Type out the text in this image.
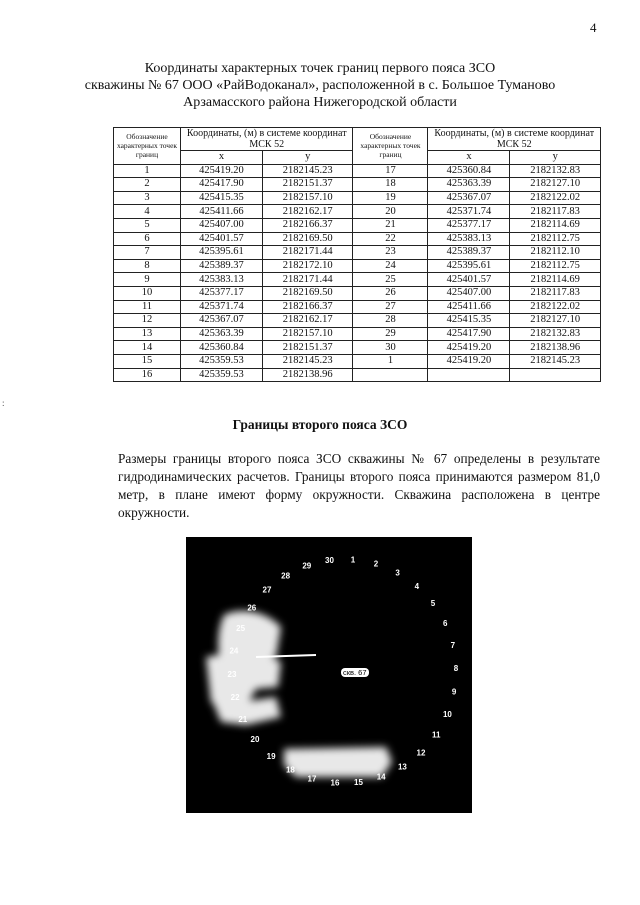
4
Координаты характерных точек границ первого пояса ЗСО
скважины № 67 ООО «РайВодоканал», расположенной в с. Большое Туманово
Арзамасского района Нижегородской области
Обозначение характерных точек границ	Координаты, (м) в системе координат МСК 52		Обозначение характерных точек границ	Координаты, (м) в системе координат МСК 52	
	x	y		x	y
1	425419.20	2182145.23	17	425360.84	2182132.83
2	425417.90	2182151.37	18	425363.39	2182127.10
3	425415.35	2182157.10	19	425367.07	2182122.02
4	425411.66	2182162.17	20	425371.74	2182117.83
5	425407.00	2182166.37	21	425377.17	2182114.69
6	425401.57	2182169.50	22	425383.13	2182112.75
7	425395.61	2182171.44	23	425389.37	2182112.10
8	425389.37	2182172.10	24	425395.61	2182112.75
9	425383.13	2182171.44	25	425401.57	2182114.69
10	425377.17	2182169.50	26	425407.00	2182117.83
11	425371.74	2182166.37	27	425411.66	2182122.02
12	425367.07	2182162.17	28	425415.35	2182127.10
13	425363.39	2182157.10	29	425417.90	2182132.83
14	425360.84	2182151.37	30	425419.20	2182138.96
15	425359.53	2182145.23	1	425419.20	2182145.23
16	425359.53	2182138.96			
Границы второго пояса ЗСО
Размеры границы второго пояса ЗСО скважины № 67 определены в результате гидродинамических расчетов. Границы второго пояса принимаются размером 81,0 метр, в плане имеют форму окружности. Скважина расположена в центре окружности.
1 2
3
4
5
6
7
8
9
10
11
12
13
14
15
16
17
18
19
20
21
22
23
24
25
26
27
28
29
30
скв. 67
:
